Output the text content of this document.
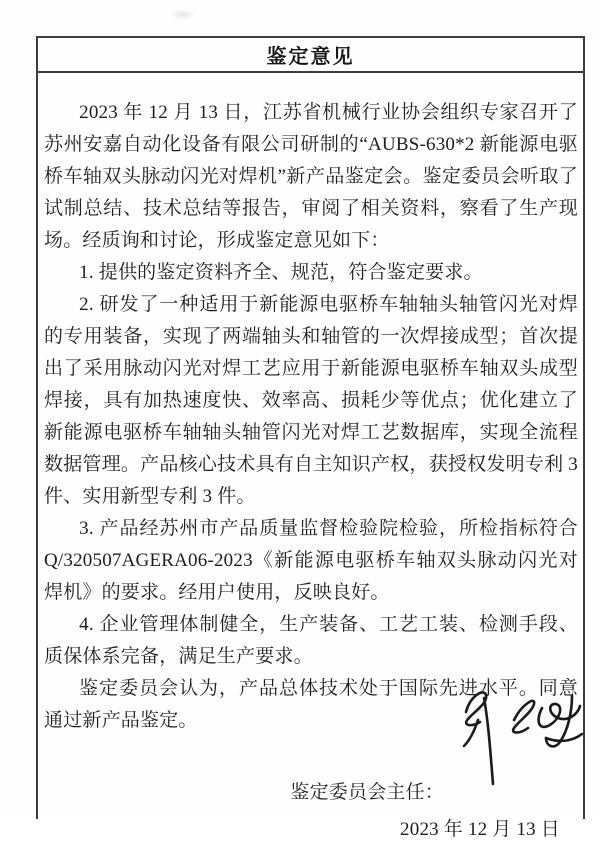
鉴定意见

2023 年 12 月 13 日，江苏省机械行业协会组织专家召开了苏州安嘉自动化设备有限公司研制的“AUBS-630*2 新能源电驱桥车轴双头脉动闪光对焊机”新产品鉴定会。鉴定委员会听取了试制总结、技术总结等报告，审阅了相关资料，察看了生产现场。经质询和讨论，形成鉴定意见如下：

1. 提供的鉴定资料齐全、规范，符合鉴定要求。

2. 研发了一种适用于新能源电驱桥车轴轴头轴管闪光对焊的专用装备，实现了两端轴头和轴管的一次焊接成型；首次提出了采用脉动闪光对焊工艺应用于新能源电驱桥车轴双头成型焊接，具有加热速度快、效率高、损耗少等优点；优化建立了新能源电驱桥车轴轴头轴管闪光对焊工艺数据库，实现全流程数据管理。产品核心技术具有自主知识产权，获授权发明专利 3 件、实用新型专利 3 件。

3. 产品经苏州市产品质量监督检验院检验，所检指标符合 Q/320507AGERA06-2023《新能源电驱桥车轴双头脉动闪光对焊机》的要求。经用户使用，反映良好。

4. 企业管理体制健全，生产装备、工艺工装、检测手段、质保体系完备，满足生产要求。

鉴定委员会认为，产品总体技术处于国际先进水平。同意通过新产品鉴定。

鉴定委员会主任：
2023 年 12 月 13 日
